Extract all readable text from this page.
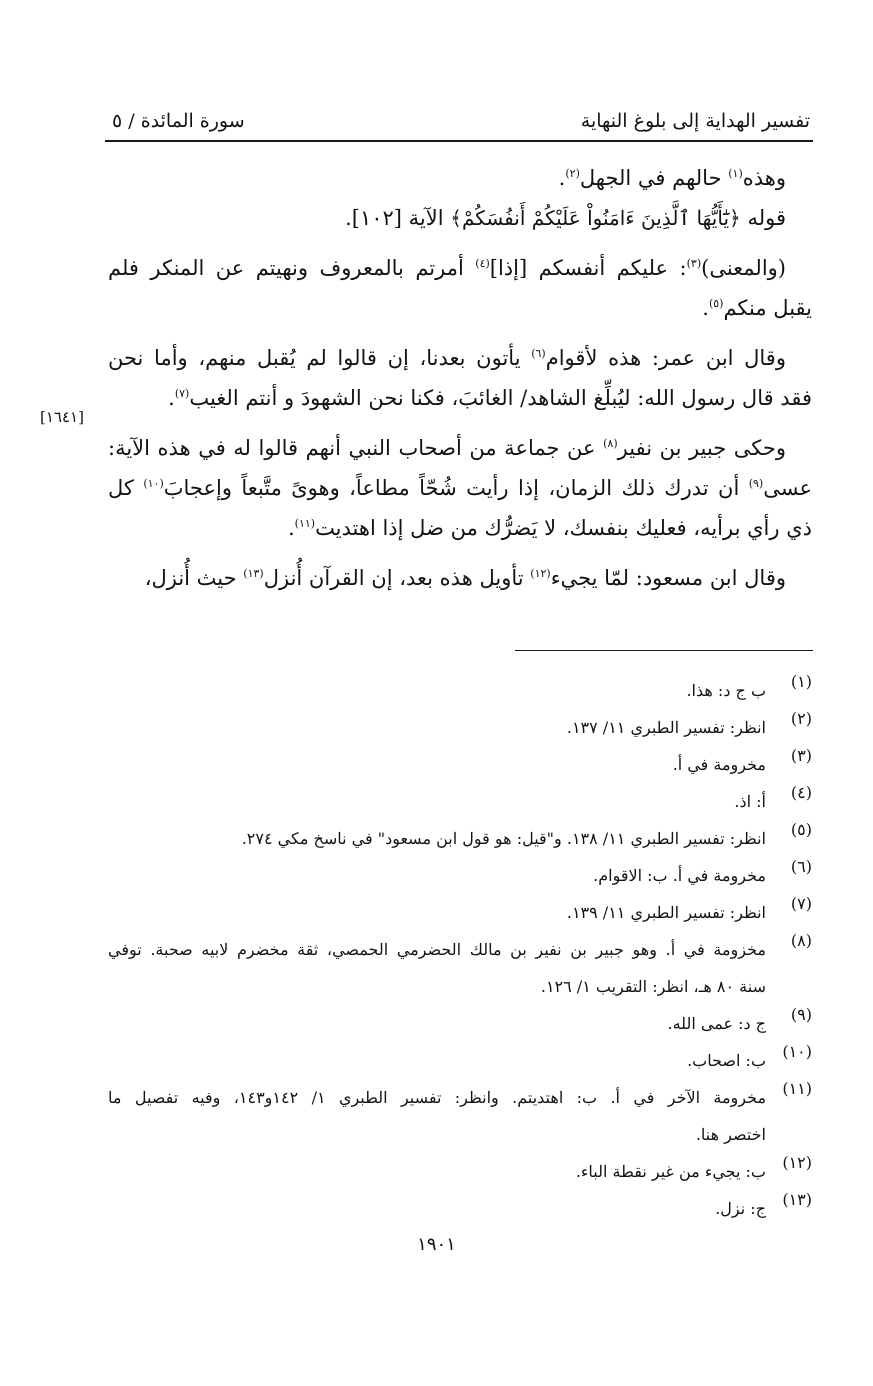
تفسير الهداية إلى بلوغ النهاية
سورة المائدة / ٥
[١٦٤١]
وهذه$^{(١)}$ حالهم في الجهل$^{(٢)}$.
قوله ﴿يَٰٓأَيُّهَا ٱلَّذِينَ ءَامَنُواْ عَلَيْكُمْ أَنفُسَكُمْ﴾ الآية [١٠٢].
(والمعنى)$^{(٣)}$: عليكم أنفسكم [إذا]$^{(٤)}$ أمرتم بالمعروف ونهيتم عن المنكر فلم
يقبل منكم$^{(٥)}$.
وقال ابن عمر: هذه لأقوام$^{(٦)}$ يأتون بعدنا، إن قالوا لم يُقبل منهم، وأما نحن
فقد قال رسول الله: ليُبلِّغ الشاهد/ الغائبَ، فكنا نحن الشهودَ و أنتم الغيب$^{(٧)}$.
وحكى جبير بن نفير$^{(٨)}$ عن جماعة من أصحاب النبي أنهم قالوا له في هذه الآية:
عسى$^{(٩)}$ أن تدرك ذلك الزمان، إذا رأيت شُحّاً مطاعاً، وهوىً متَّبعاً وإعجابَ$^{(١٠)}$ كل
ذي رأي برأيه، فعليك بنفسك، لا يَضرُّك من ضل إذا اهتديت$^{(١١)}$.
وقال ابن مسعود: لمّا يجيء$^{(١٢)}$ تأويل هذه بعد، إن القرآن أُنزل$^{(١٣)}$ حيث أُنزل،
(١)
ب ج د: هذا.
(٢)
انظر: تفسير الطبري ١١/ ١٣٧.
(٣)
مخرومة في أ.
(٤)
أ: اذ.
(٥)
انظر: تفسير الطبري ١١/ ١٣٨. و"قيل: هو قول ابن مسعود" في ناسخ مكي ٢٧٤.
(٦)
مخرومة في أ. ب: الاقوام.
(٧)
انظر: تفسير الطبري ١١/ ١٣٩.
(٨)
مخزومة في أ. وهو جبير بن نفير بن مالك الحضرمي الحمصي، ثقة مخضرم لابيه صحبة. توفي
سنة ٨٠ هـ، انظر: التقريب ١/ ١٢٦.
(٩)
ج د: عمى الله.
(١٠)
ب: اصحاب.
(١١)
مخرومة الآخر في أ. ب: اهتديتم. وانظر: تفسير الطبري ١/ ١٤٢و١٤٣، وفيه تفصيل ما
اختصر هنا.
(١٢)
ب: يجيء من غير نقطة الباء.
(١٣)
ج: نزل.
١٩٠١
